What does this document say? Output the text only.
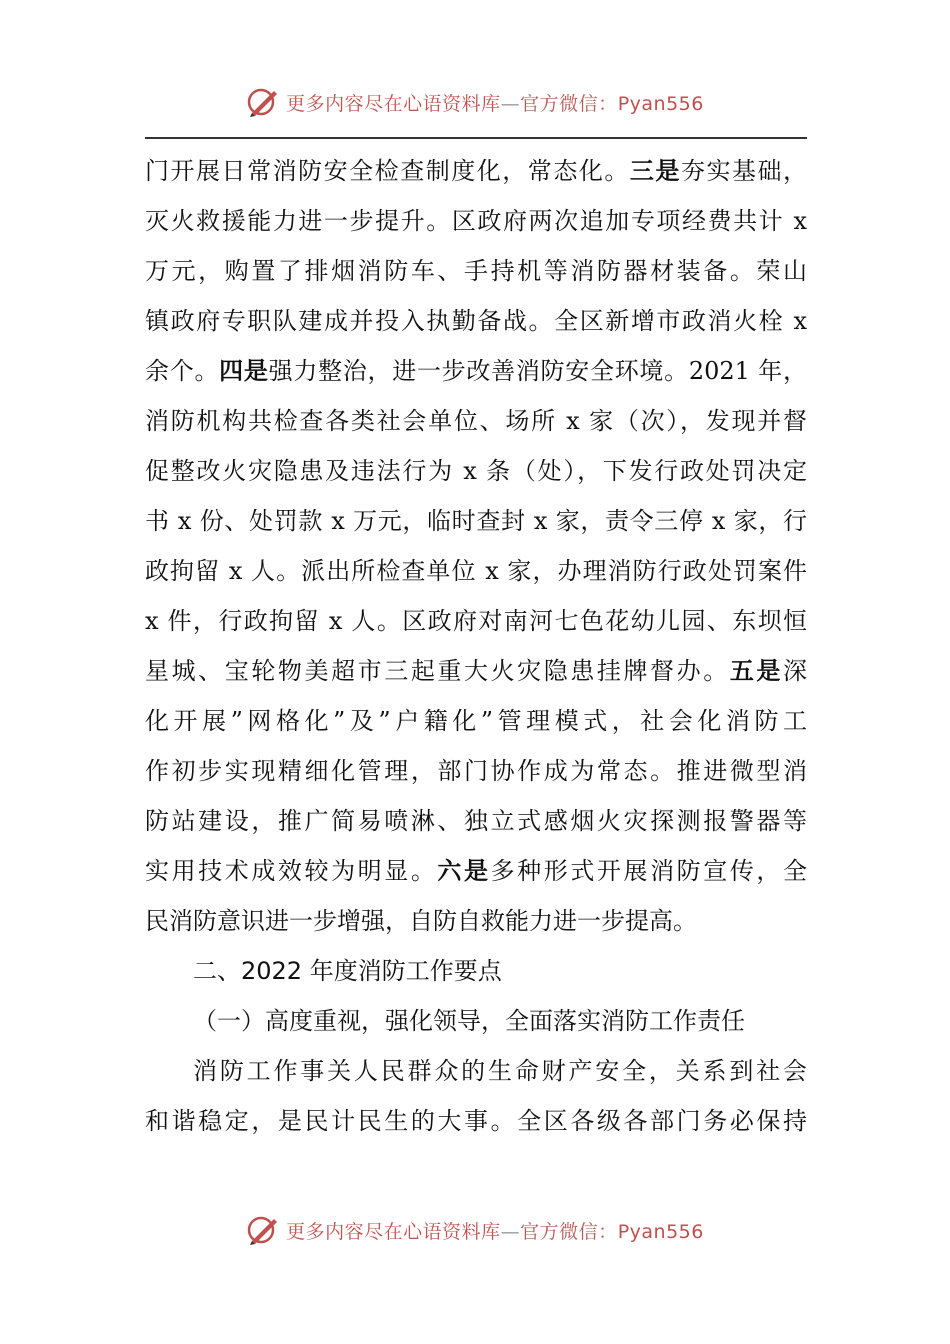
更多内容尽在心语资料库—官方微信：Pyan556
门开展日常消防安全检查制度化，常态化。三是夯实基础，
灭火救援能力进一步提升。区政府两次追加专项经费共计 x
万元，购置了排烟消防车、手持机等消防器材装备。荣山
镇政府专职队建成并投入执勤备战。全区新增市政消火栓 x
余个。四是强力整治，进一步改善消防安全环境。2021 年，
消防机构共检查各类社会单位、场所 x 家（次），发现并督
促整改火灾隐患及违法行为 x 条（处），下发行政处罚决定
书 x 份、处罚款 x 万元，临时查封 x 家，责令三停 x 家，行
政拘留 x 人。派出所检查单位 x 家，办理消防行政处罚案件
x 件，行政拘留 x 人。区政府对南河七色花幼儿园、东坝恒
星城、宝轮物美超市三起重大火灾隐患挂牌督办。五是深
化开展”网格化”及”户籍化”管理模式，社会化消防工
作初步实现精细化管理，部门协作成为常态。推进微型消
防站建设，推广简易喷淋、独立式感烟火灾探测报警器等
实用技术成效较为明显。六是多种形式开展消防宣传，全
民消防意识进一步增强，自防自救能力进一步提高。
二、2022 年度消防工作要点
（一）高度重视，强化领导，全面落实消防工作责任
消防工作事关人民群众的生命财产安全，关系到社会
和谐稳定，是民计民生的大事。全区各级各部门务必保持
更多内容尽在心语资料库—官方微信：Pyan556
